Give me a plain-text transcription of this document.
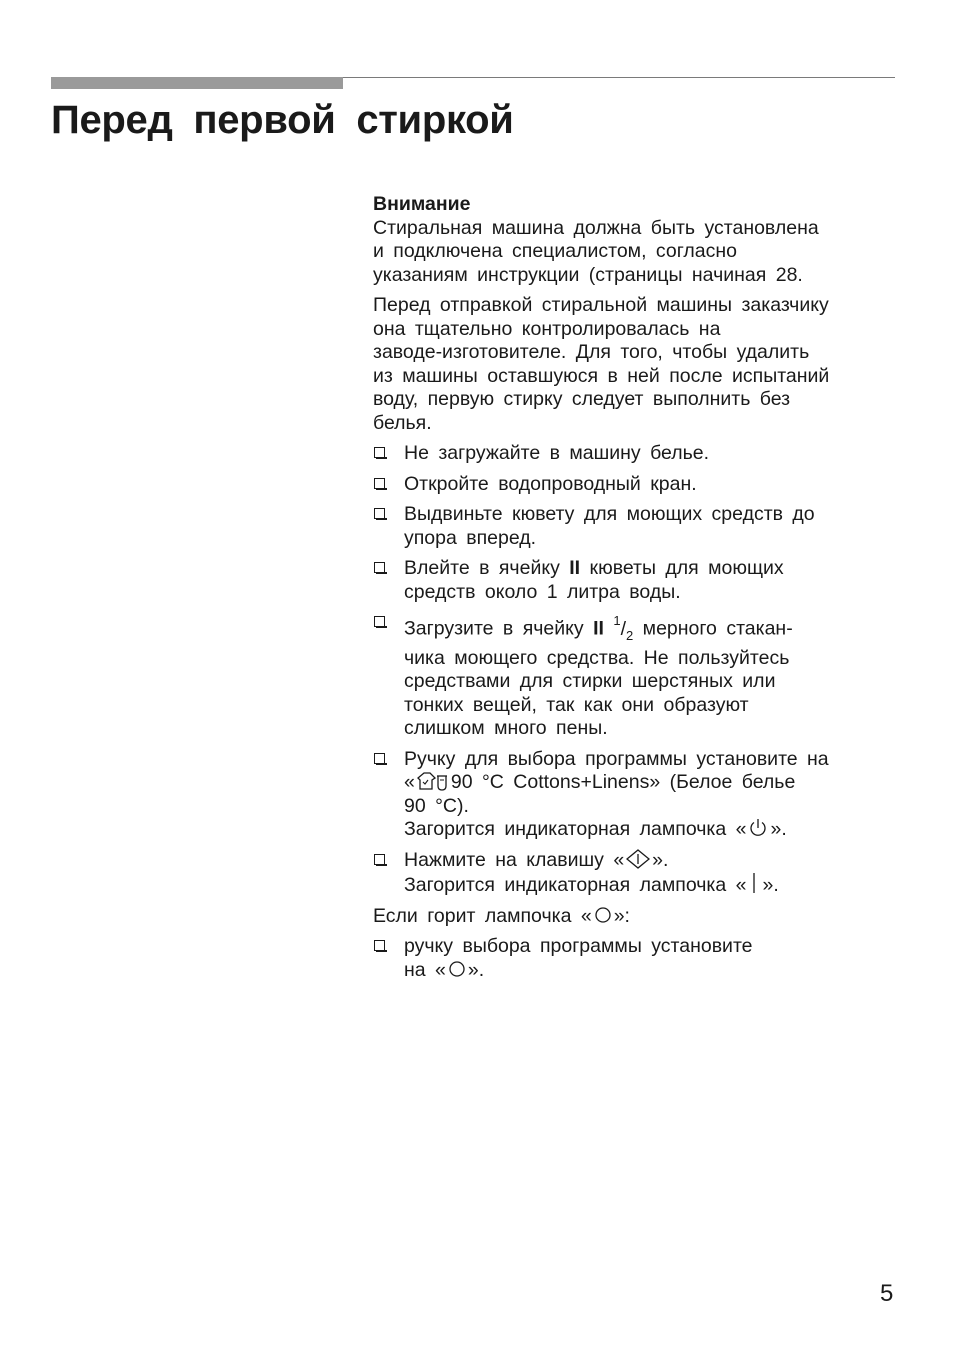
Перед первой стиркой

Внимание

Стиральная машина должна быть установлена
и подключена специалистом, согласно
указаниям инструкции (страницы начиная 28.

Перед отправкой стиральной машины заказчику
она тщательно контролировалась на
заводе-изготовителе. Для того, чтобы удалить
из машины оставшуюся в ней после испытаний
воду, первую стирку следует выполнить без
белья.

Не загружайте в машину белье.
Откройте водопроводный кран.
Выдвиньте кювету для моющих средств до
упора вперед.
Влейте в ячейку II кюветы для моющих
средств около 1 литра воды.
Загрузите в ячейку II $^1/_2$ мерного стакан-
чика моющего средства. Не пользуйтесь
средствами для стирки шерстяных или
тонких вещей, так как они образуют
слишком много пены.
Ручку для выбора программы установите на
« 90 °C Cottons+Linens» (Белое белье
90 °C).
Загорится индикаторная лампочка « ».
Нажмите на клавишу « ».
Загорится индикаторная лампочка « ».

Если горит лампочка « »:

ручку выбора программы установите
на « ».
5
